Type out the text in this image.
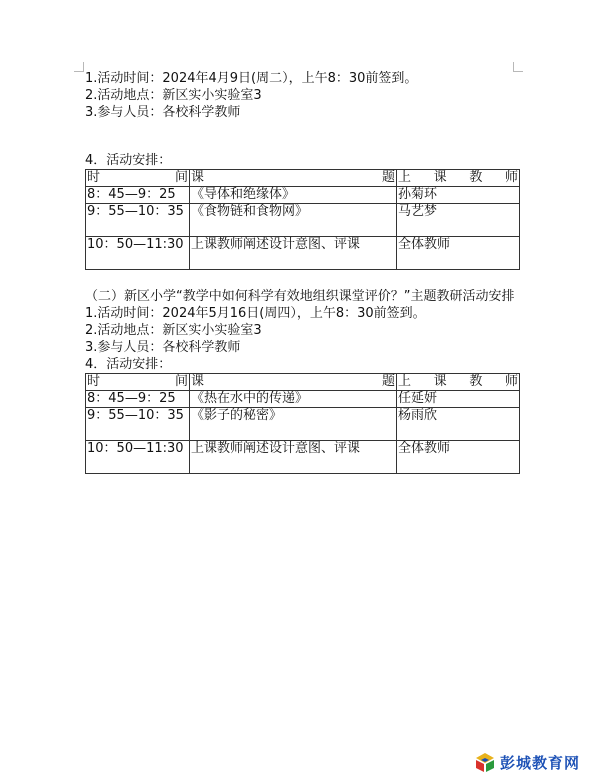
1.活动时间：2024年4月9日(周二），上午8：30前签到。
2.活动地点：新区实小实验室3
3.参与人员：各校科学教师
4．活动安排：
时间	课题	上课教师
8：45—9：25	《导体和绝缘体》	孙菊环
9：55—10：35	《食物链和食物网》	马艺梦
10：50—11:30	上课教师阐述设计意图、评课	全体教师
（二）新区小学“教学中如何科学有效地组织课堂评价？”主题教研活动安排
1.活动时间：2024年5月16日(周四），上午8：30前签到。
2.活动地点：新区实小实验室3
3.参与人员：各校科学教师
4．活动安排：
时间	课题	上课教师
8：45—9：25	《热在水中的传递》	任延妍
9：55—10：35	《影子的秘密》	杨雨欣
10：50—11:30	上课教师阐述设计意图、评课	全体教师
彭城教育网
